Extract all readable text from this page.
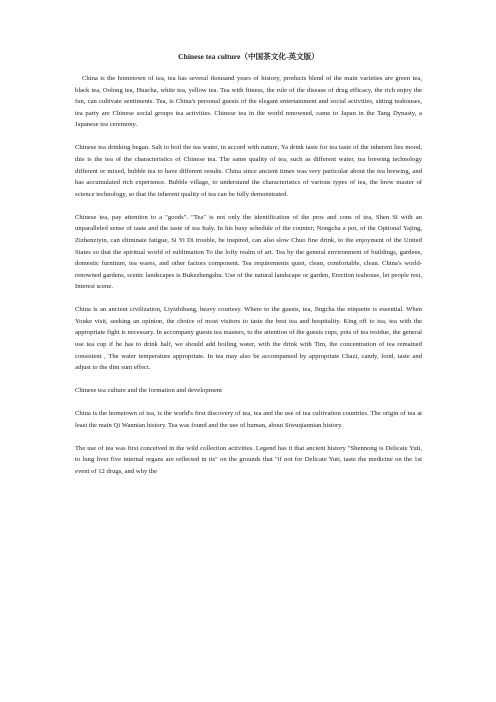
Chinese tea culture（中国茶文化-英文版）

China is the hometown of tea, tea has several thousand years of history, products blend of the main varieties are green tea, black tea, Oolong tea, Huacha, white tea, yellow tea. Tea with fitness, the rule of the disease of drug efficacy, the rich enjoy the fun, can cultivate sentiments. Tea, is China's personal guests of the elegant entertainment and social activities, sitting teahouses, tea party are Chinese social groups tea activities. Chinese tea in the world renowned, came to Japan in the Tang Dynasty, a Japanese tea ceremony.

Chinese tea drinking began. Salt to boil the tea water, in accord with nature, Ya drink taste for tea taste of the inherent lies mood, this is the tea of the characteristics of Chinese tea. The same quality of tea, such as different water, tea brewing technology different or mixed, bubble tea to have different results. China since ancient times was very particular about the tea brewing, and has accumulated rich experience. Bubble village, to understand the characteristics of various types of tea, the brew master of science technology, so that the inherent quality of tea can be fully demonstrated.

Chinese tea, pay attention to a "goods". "Tea" is not only the identification of the pros and cons of tea, Shen Si with an unparalleled sense of taste and the taste of tea Italy. In his busy schedule of the counter; Nongcha a pot, of the Optional Yajing, Zizhenziyin, can eliminate fatigue, Si Yi Di trouble, be inspired, can also slow Chuo fine drink, to the enjoyment of the United States so that the spiritual world of sublimation To the lofty realm of art. Tea by the general environment of buildings, gardens, domestic furniture, tea wares, and other factors component. Tea requirements quiet, clean, comfortable, clean. China's world-renowned gardens, scenic landscapes is Bukezhengshu. Use of the natural landscape or garden, Erection teahouse, let people rest, Interest scene.

China is an ancient civilization, Liyizhibang, heavy courtesy. Where to the guests, tea, Jingcha the etiquette is essential. When Youke visit, seeking an opinion, the choice of most visitors to taste the best tea and hospitality. King off to tea, tea with the appropriate fight is necessary. In accompany guests tea masters, to the attention of the guests cups, pots of tea residue, the general use tea cup if he has to drink half, we should add boiling water, with the drink with Tim, the concentration of tea remained consistent , The water temperature appropriate. In tea may also be accompanied by appropriate Chazi, candy, food, taste and adjust to the dim sum effect.

Chinese tea culture and the formation and development

China is the hometown of tea, is the world's first discovery of tea, tea and the use of tea cultivation countries. The origin of tea at least the main Qi Wannian history. Tea was found and the use of human, about Siwuqiannian history.

The use of tea was first conceived in the wild collection activities. Legend has it that ancient history "Shennong is Delicate Yuti, to lung liver five internal organs are reflected in its" on the grounds that "if not for Delicate Yuti, taste the medicine on the 1st event of 12 drugs, and why the
